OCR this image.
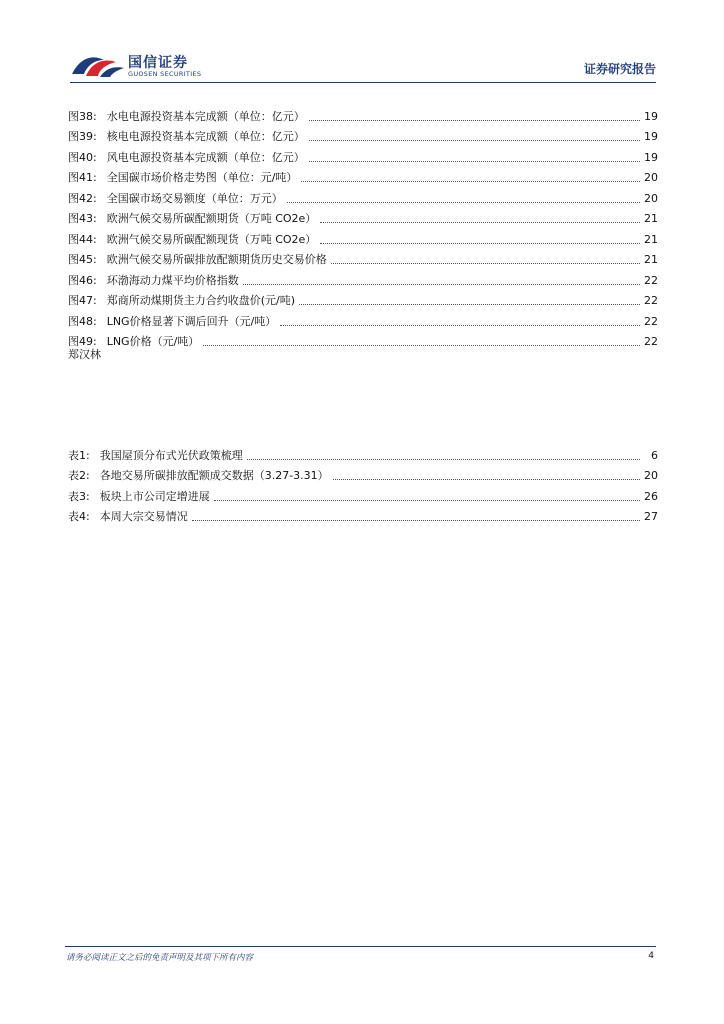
国信证券
GUOSEN SECURITIES	证券研究报告
图38: 水电电源投资基本完成额（单位：亿元）	19
图39: 核电电源投资基本完成额（单位：亿元）	19
图40: 风电电源投资基本完成额（单位：亿元）	19
图41: 全国碳市场价格走势图（单位：元/吨）	20
图42: 全国碳市场交易额度（单位：万元）	20
图43: 欧洲气候交易所碳配额期货（万吨 CO2e）	21
图44: 欧洲气候交易所碳配额现货（万吨 CO2e）	21
图45: 欧洲气候交易所碳排放配额期货历史交易价格	21
图46: 环渤海动力煤平均价格指数	22
图47: 郑商所动煤期货主力合约收盘价(元/吨)	22
图48: LNG价格显著下调后回升（元/吨）	22
图49: LNG价格（元/吨）	22
郑汉林
表1: 我国屋顶分布式光伏政策梳理	6
表2: 各地交易所碳排放配额成交数据（3.27-3.31）	20
表3: 板块上市公司定增进展	26
表4: 本周大宗交易情况	27
请务必阅读正文之后的免责声明及其项下所有内容	4
